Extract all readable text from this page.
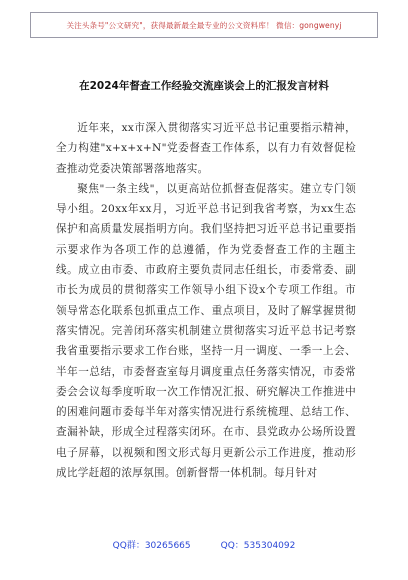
关注头条号"公文研究"，获得最新最全最专业的公文资料库！ 微信：gongwenyj
在2024年督查工作经验交流座谈会上的汇报发言材料

近年来，xx市深入贯彻落实习近平总书记重要指示精神，全力构建"x+x+x+N"党委督查工作体系，以有力有效督促检查推动党委决策部署落地落实。

聚焦"一条主线"，以更高站位抓督查促落实。建立专门领导小组。20xx年xx月，习近平总书记到我省考察，为xx生态保护和高质量发展指明方向。我们坚持把习近平总书记重要指示要求作为各项工作的总遵循，作为党委督查工作的主题主线。成立由市委、市政府主要负责同志任组长，市委常委、副市长为成员的贯彻落实工作领导小组下设x个专项工作组。市领导常态化联系包抓重点工作、重点项目，及时了解掌握贯彻落实情况。完善闭环落实机制建立贯彻落实习近平总书记考察我省重要指示要求工作台账，坚持一月一调度、一季一上会、半年一总结，市委督查室每月调度重点任务落实情况，市委常委会会议每季度听取一次工作情况汇报、研究解决工作推进中的困难问题市委每半年对落实情况进行系统梳理、总结工作、查漏补缺，形成全过程落实闭环。在市、县党政办公场所设置电子屏幕，以视频和图文形式每月更新公示工作进度，推动形成比学赶超的浓厚氛围。创新督帮一体机制。每月针对

QQ群：30265665	QQ：535304092
